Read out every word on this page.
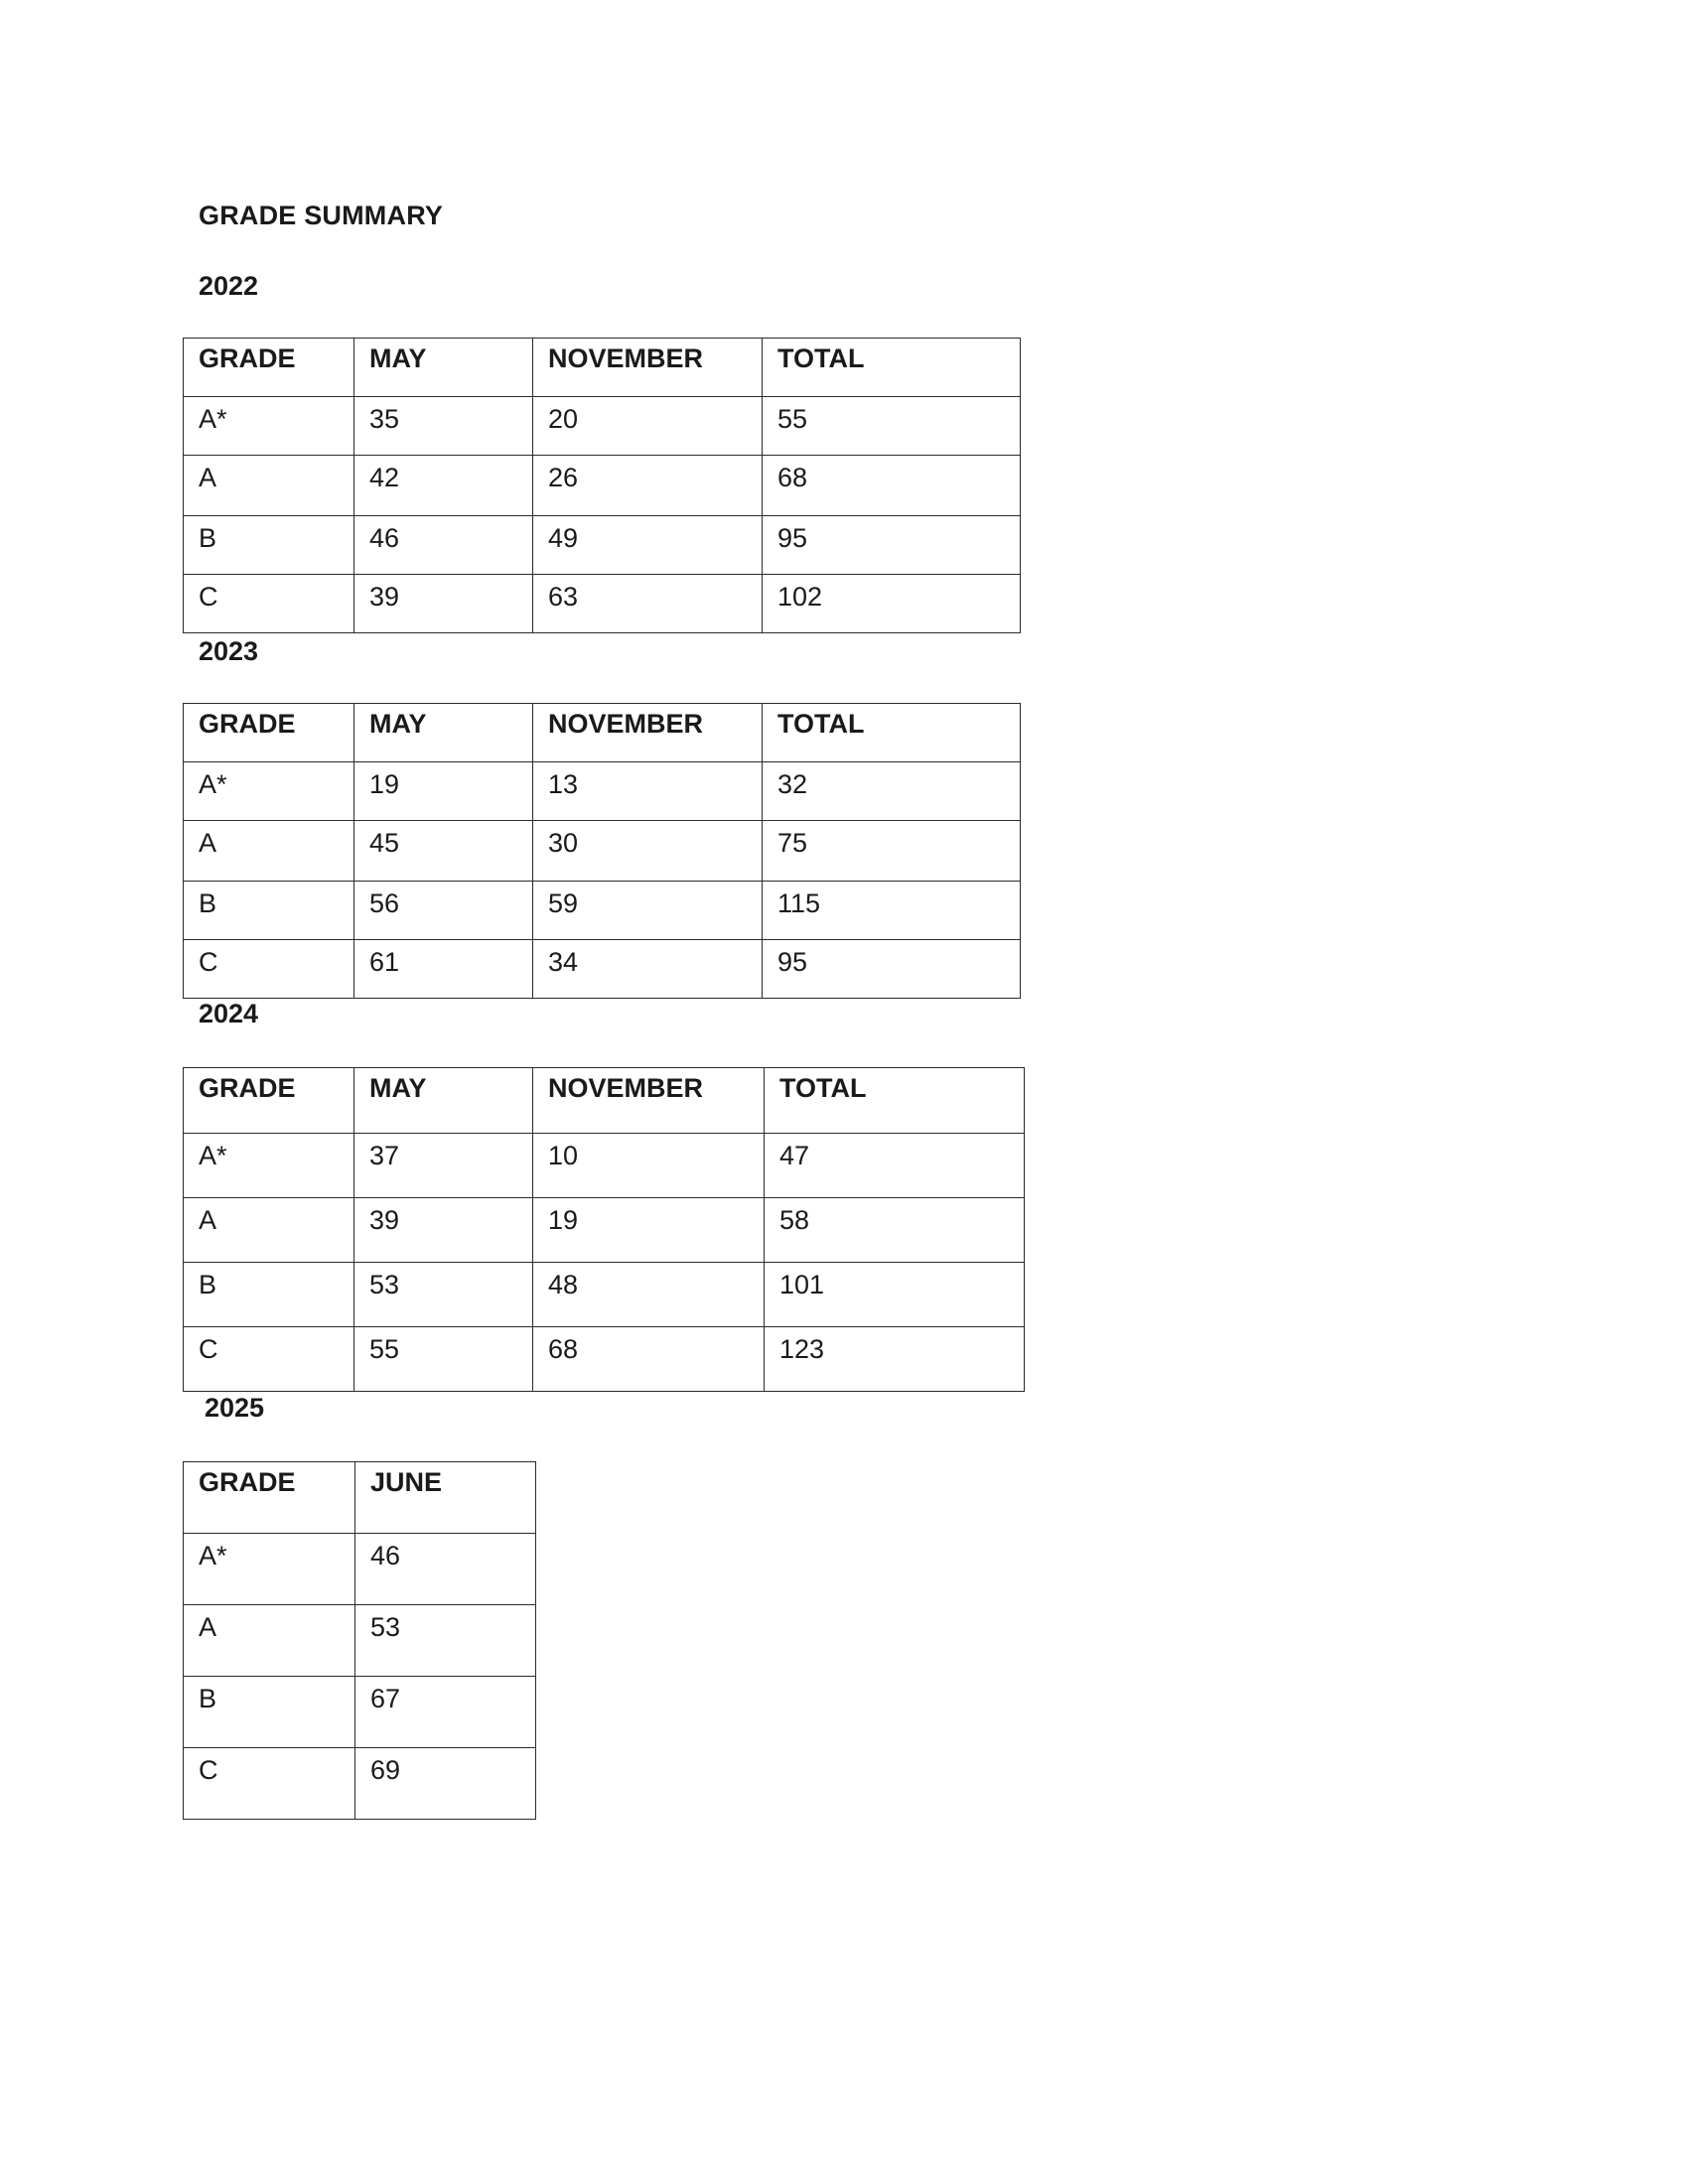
GRADE SUMMARY
2022
GRADE	MAY	NOVEMBER	TOTAL
A*	35	20	55
A	42	26	68
B	46	49	95
C	39	63	102
2023
GRADE	MAY	NOVEMBER	TOTAL
A*	19	13	32
A	45	30	75
B	56	59	115
C	61	34	95
2024
GRADE	MAY	NOVEMBER	TOTAL
A*	37	10	47
A	39	19	58
B	53	48	101
C	55	68	123
2025
GRADE	JUNE
A*	46
A	53
B	67
C	69
